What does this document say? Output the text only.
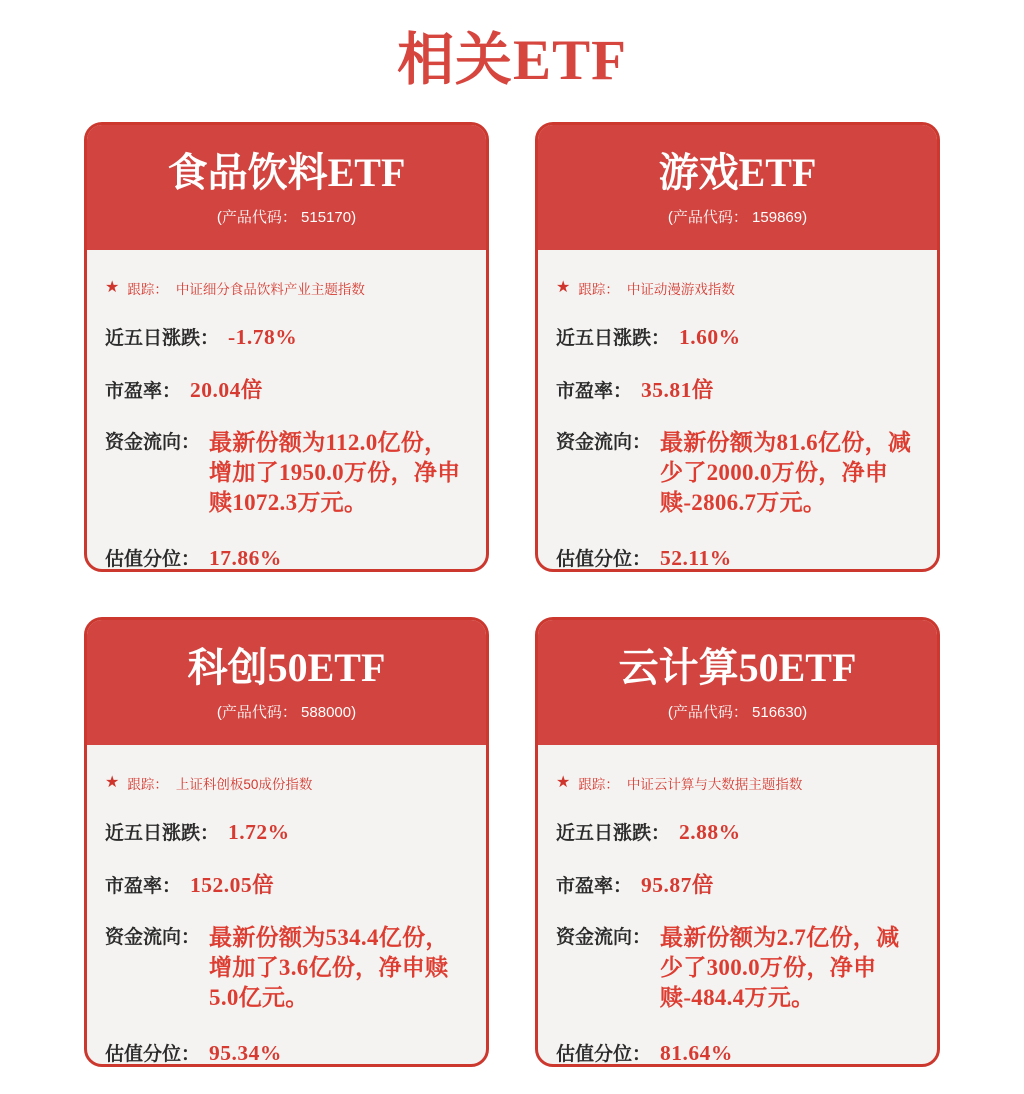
相关ETF
食品饮料ETF
(产品代码： 515170)
★ 跟踪： 中证细分食品饮料产业主题指数
近五日涨跌： -1.78%
市盈率： 20.04倍
资金流向： 最新份额为112.0亿份，增加了1950.0万份，净申赎1072.3万元。
估值分位： 17.86%
游戏ETF
(产品代码： 159869)
★ 跟踪： 中证动漫游戏指数
近五日涨跌： 1.60%
市盈率： 35.81倍
资金流向： 最新份额为81.6亿份，减少了2000.0万份，净申赎-2806.7万元。
估值分位： 52.11%
科创50ETF
(产品代码： 588000)
★ 跟踪： 上证科创板50成份指数
近五日涨跌： 1.72%
市盈率： 152.05倍
资金流向： 最新份额为534.4亿份，增加了3.6亿份，净申赎5.0亿元。
估值分位： 95.34%
云计算50ETF
(产品代码： 516630)
★ 跟踪： 中证云计算与大数据主题指数
近五日涨跌： 2.88%
市盈率： 95.87倍
资金流向： 最新份额为2.7亿份，减少了300.0万份，净申赎-484.4万元。
估值分位： 81.64%
